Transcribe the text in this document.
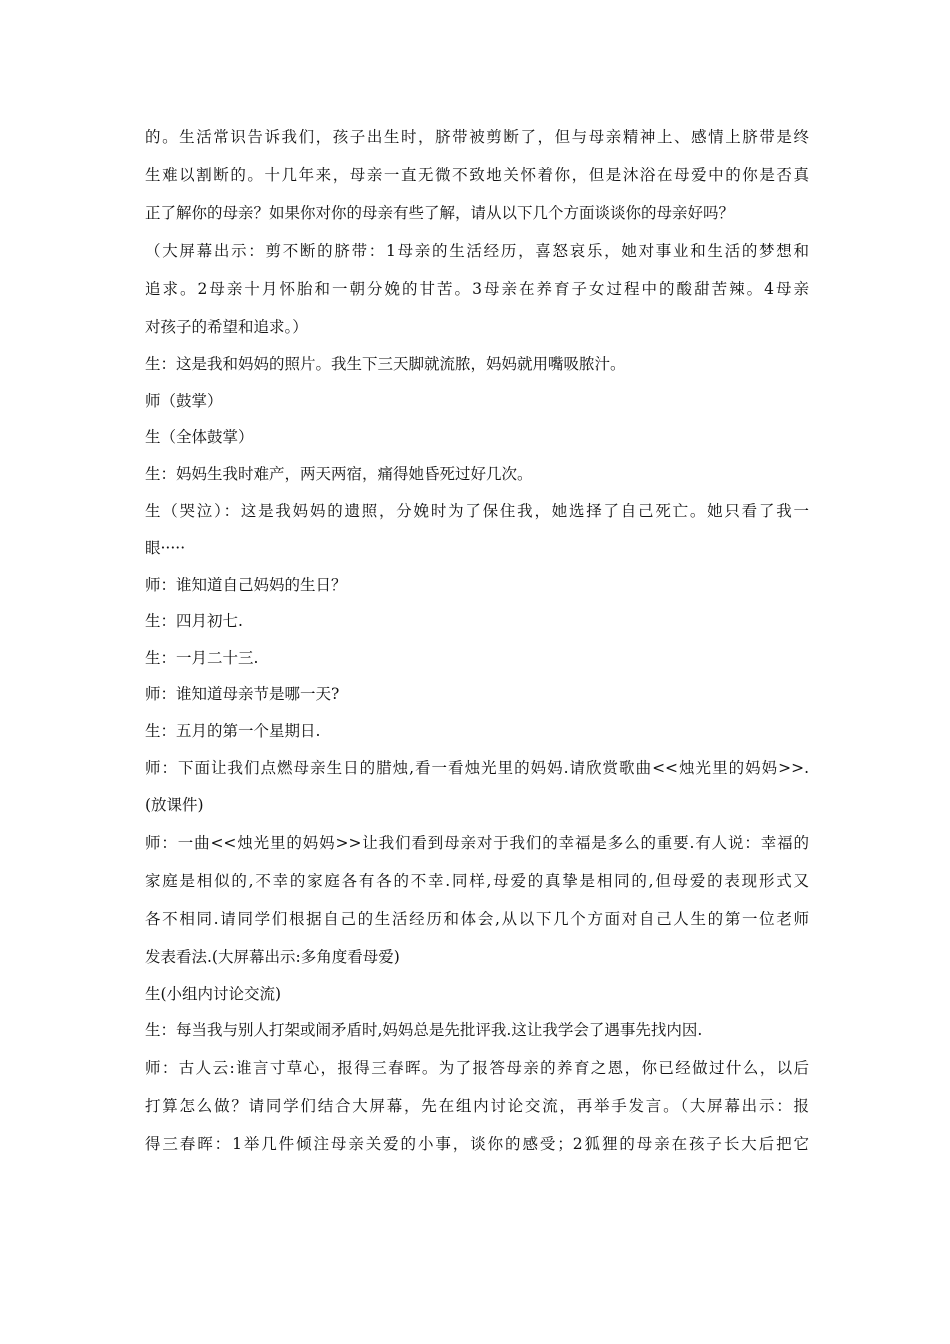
的。生活常识告诉我们，孩子出生时，脐带被剪断了，但与母亲精神上、感情上脐带是终
生难以割断的。十几年来，母亲一直无微不致地关怀着你，但是沐浴在母爱中的你是否真
正了解你的母亲？如果你对你的母亲有些了解，请从以下几个方面谈谈你的母亲好吗？
（大屏幕出示：剪不断的脐带：1母亲的生活经历，喜怒哀乐，她对事业和生活的梦想和
追求。2母亲十月怀胎和一朝分娩的甘苦。3母亲在养育子女过程中的酸甜苦辣。4母亲
对孩子的希望和追求。）
生：这是我和妈妈的照片。我生下三天脚就流脓，妈妈就用嘴吸脓汁。
师（鼓掌）
生（全体鼓掌）
生：妈妈生我时难产，两天两宿，痛得她昏死过好几次。
生（哭泣）：这是我妈妈的遗照，分娩时为了保住我，她选择了自己死亡。她只看了我一
眼·····
师：谁知道自己妈妈的生日？
生：四月初七.
生：一月二十三.
师：谁知道母亲节是哪一天?
生：五月的第一个星期日.
师：下面让我们点燃母亲生日的腊烛,看一看烛光里的妈妈.请欣赏歌曲<<烛光里的妈妈>>.
(放课件)
师：一曲<<烛光里的妈妈>>让我们看到母亲对于我们的幸福是多么的重要.有人说：幸福的
家庭是相似的,不幸的家庭各有各的不幸.同样,母爱的真挚是相同的,但母爱的表现形式又
各不相同.请同学们根据自己的生活经历和体会,从以下几个方面对自己人生的第一位老师
发表看法.(大屏幕出示:多角度看母爱)
生(小组内讨论交流)
生：每当我与别人打架或闹矛盾时,妈妈总是先批评我.这让我学会了遇事先找内因.
师：古人云:谁言寸草心，报得三春晖。为了报答母亲的养育之恩，你已经做过什么，以后
打算怎么做？请同学们结合大屏幕，先在组内讨论交流，再举手发言。（大屏幕出示：报
得三春晖：1举几件倾注母亲关爱的小事，谈你的感受；2狐狸的母亲在孩子长大后把它
